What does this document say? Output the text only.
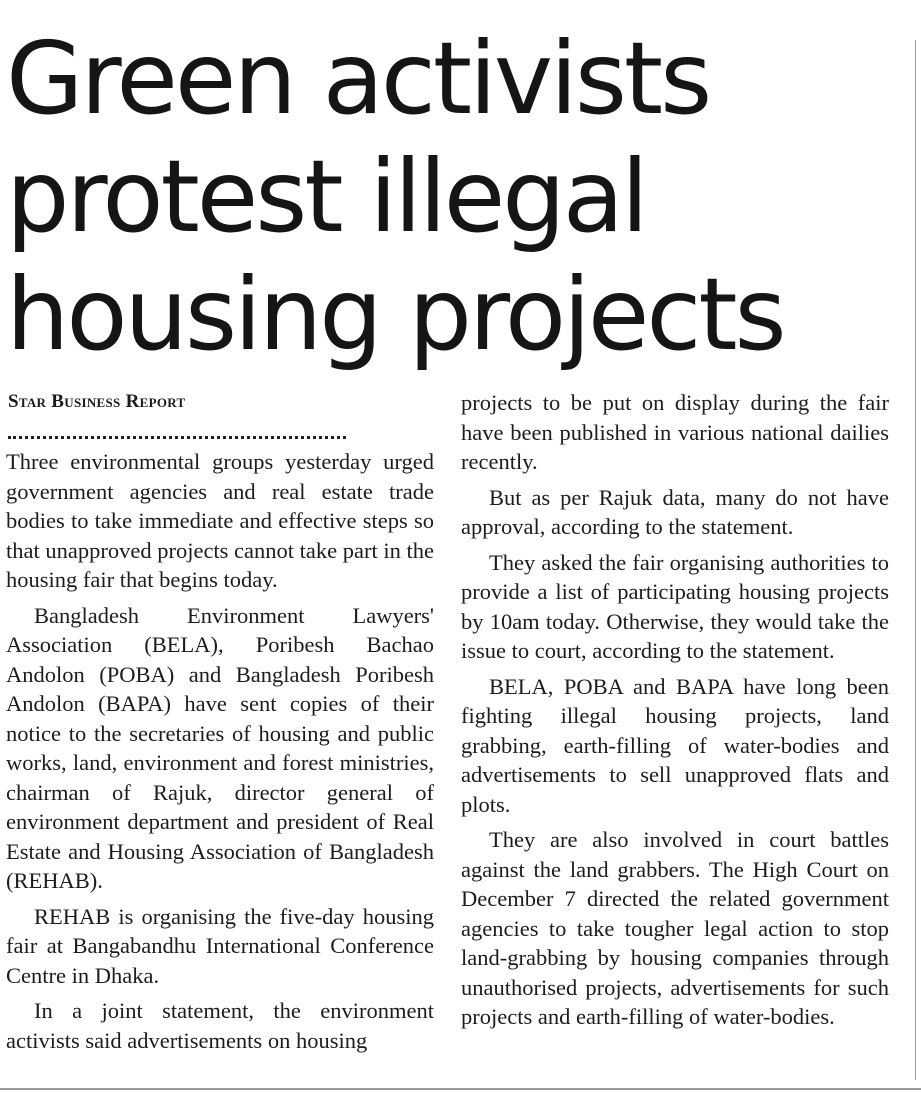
Green activists
protest illegal
housing projects
Star Business Report

Three environmental groups yesterday urged government agencies and real estate trade bodies to take immediate and effective steps so that unapproved projects cannot take part in the housing fair that begins today.

Bangladesh Environment Lawyers' Association (BELA), Poribesh Bachao Andolon (POBA) and Bangladesh Poribesh Andolon (BAPA) have sent copies of their notice to the secretaries of housing and public works, land, environment and forest ministries, chairman of Rajuk, director general of environment department and president of Real Estate and Housing Association of Bangladesh (REHAB).

REHAB is organising the five-day housing fair at Bangabandhu International Conference Centre in Dhaka.

In a joint statement, the environment activists said advertisements on housing

projects to be put on display during the fair have been published in various national dailies recently.

But as per Rajuk data, many do not have approval, according to the statement.

They asked the fair organising authorities to provide a list of participating housing projects by 10am today. Otherwise, they would take the issue to court, according to the statement.

BELA, POBA and BAPA have long been fighting illegal housing projects, land grabbing, earth-filling of water-bodies and advertisements to sell unapproved flats and plots.

They are also involved in court battles against the land grabbers. The High Court on December 7 directed the related government agencies to take tougher legal action to stop land-grabbing by housing companies through unauthorised projects, advertisements for such projects and earth-filling of water-bodies.
